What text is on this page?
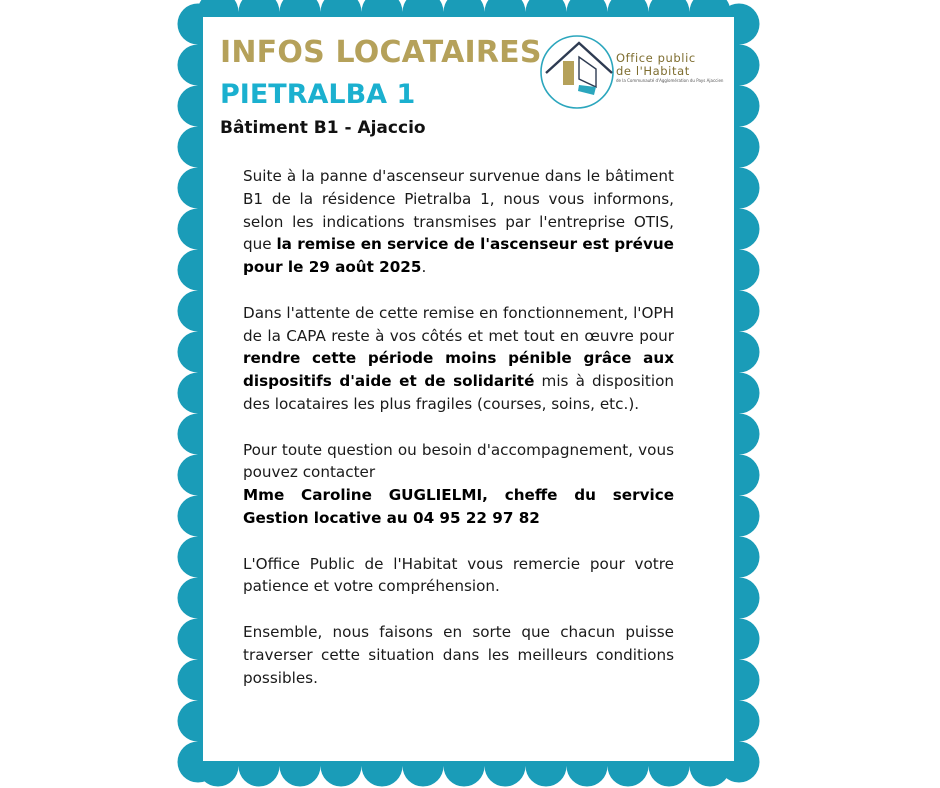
INFOS LOCATAIRES
PIETRALBA 1

Bâtiment B1 - Ajaccio

Office public
de l'Habitat
de la Communauté d'Agglomération du Pays Ajaccien

Suite à la panne d'ascenseur survenue dans le bâtiment B1 de la résidence Pietralba 1, nous vous informons, selon les indications transmises par l'entreprise OTIS, que la remise en service de l'ascenseur est prévue pour le 29 août 2025.

Dans l'attente de cette remise en fonctionnement, l'OPH de la CAPA reste à vos côtés et met tout en œuvre pour rendre cette période moins pénible grâce aux dispositifs d'aide et de solidarité mis à disposition des locataires les plus fragiles (courses, soins, etc.).

Pour toute question ou besoin d'accompagnement, vous pouvez contacter
Mme Caroline GUGLIELMI, cheffe du service Gestion locative au 04 95 22 97 82

L'Office Public de l'Habitat vous remercie pour votre patience et votre compréhension.

Ensemble, nous faisons en sorte que chacun puisse traverser cette situation dans les meilleurs conditions possibles.
